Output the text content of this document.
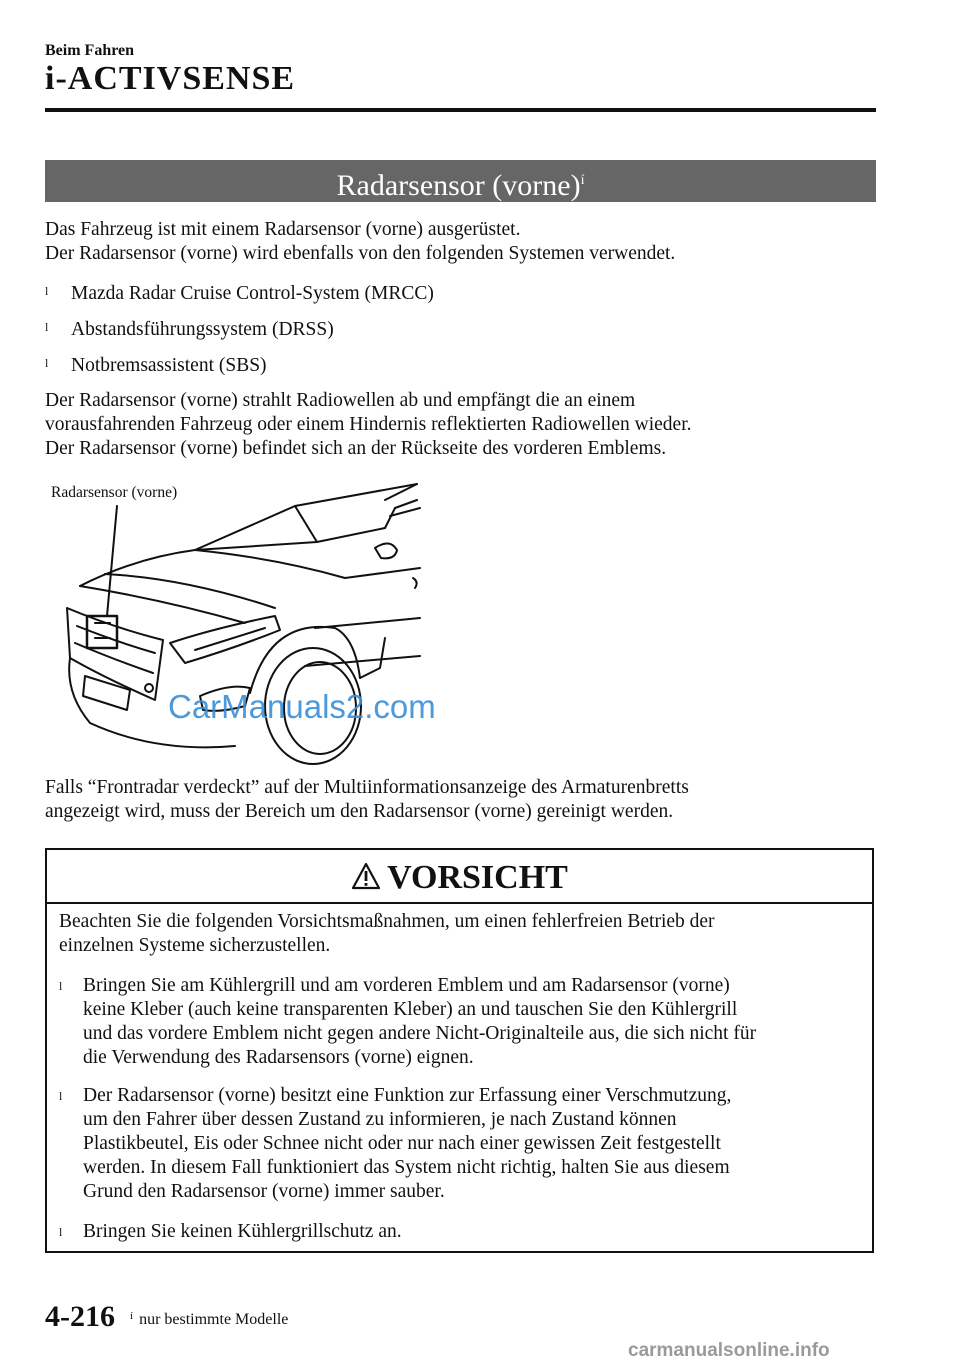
Beim Fahren
i-ACTIVSENSE
Radarsensor (vorne)$^í$
Das Fahrzeug ist mit einem Radarsensor (vorne) ausgerüstet.
Der Radarsensor (vorne) wird ebenfalls von den folgenden Systemen verwendet.
l Mazda Radar Cruise Control-System (MRCC)
l Abstandsführungssystem (DRSS)
l Notbremsassistent (SBS)
Der Radarsensor (vorne) strahlt Radiowellen ab und empfängt die an einem
vorausfahrenden Fahrzeug oder einem Hindernis reflektierten Radiowellen wieder.
Der Radarsensor (vorne) befindet sich an der Rückseite des vorderen Emblems.
Radarsensor (vorne)
CarManuals2.com
Falls “Frontradar verdeckt” auf der Multiinformationsanzeige des Armaturenbretts
angezeigt wird, muss der Bereich um den Radarsensor (vorne) gereinigt werden.
VORSICHT
Beachten Sie die folgenden Vorsichtsmaßnahmen, um einen fehlerfreien Betrieb der
einzelnen Systeme sicherzustellen.
l Bringen Sie am Kühlergrill und am vorderen Emblem und am Radarsensor (vorne)
keine Kleber (auch keine transparenten Kleber) an und tauschen Sie den Kühlergrill
und das vordere Emblem nicht gegen andere Nicht-Originalteile aus, die sich nicht für
die Verwendung des Radarsensors (vorne) eignen.
l Der Radarsensor (vorne) besitzt eine Funktion zur Erfassung einer Verschmutzung,
um den Fahrer über dessen Zustand zu informieren, je nach Zustand können
Plastikbeutel, Eis oder Schnee nicht oder nur nach einer gewissen Zeit festgestellt
werden. In diesem Fall funktioniert das System nicht richtig, halten Sie aus diesem
Grund den Radarsensor (vorne) immer sauber.
l Bringen Sie keinen Kühlergrillschutz an.
4-216 $^í$ nur bestimmte Modelle
carmanualsonline.info
